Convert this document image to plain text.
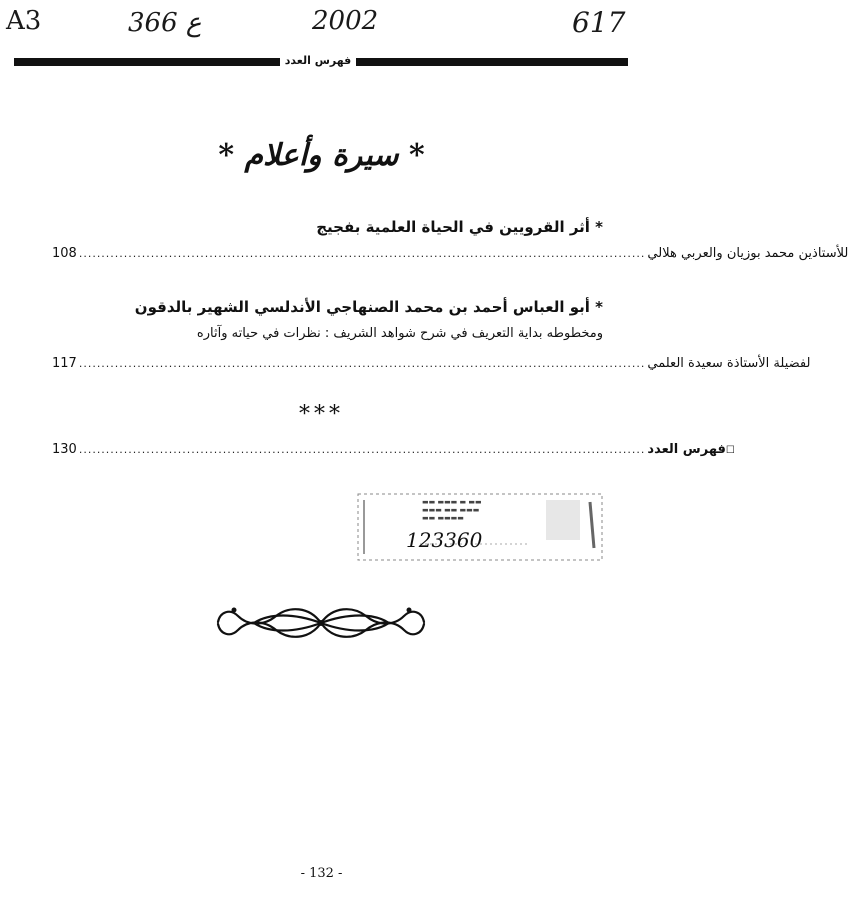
A3	366 ع	2002	617
فهرس العدد
* سيرة وأعلام *
* أثر القرويين في الحياة العلمية بفجيج
108 .............................................................................................................................. للأستاذين محمد بوزيان والعربي هلالي
* أبو العباس أحمد بن محمد الصنهاجي الأندلسي الشهير بالدقون
ومخطوطه بداية التعريف في شرح شواهد الشريف : نظرات في حياته وآثاره
117 .............................................................................................................................. لفضيلة الأستاذة سعيدة العلمي
***
130 ..............................................................................................................................	☐فهرس العدد
▬▬ ▬▬▬ ▬ ▬▬
▬▬▬ ▬▬ ▬▬▬
▬▬ ▬▬▬▬
123360
- 132 -
